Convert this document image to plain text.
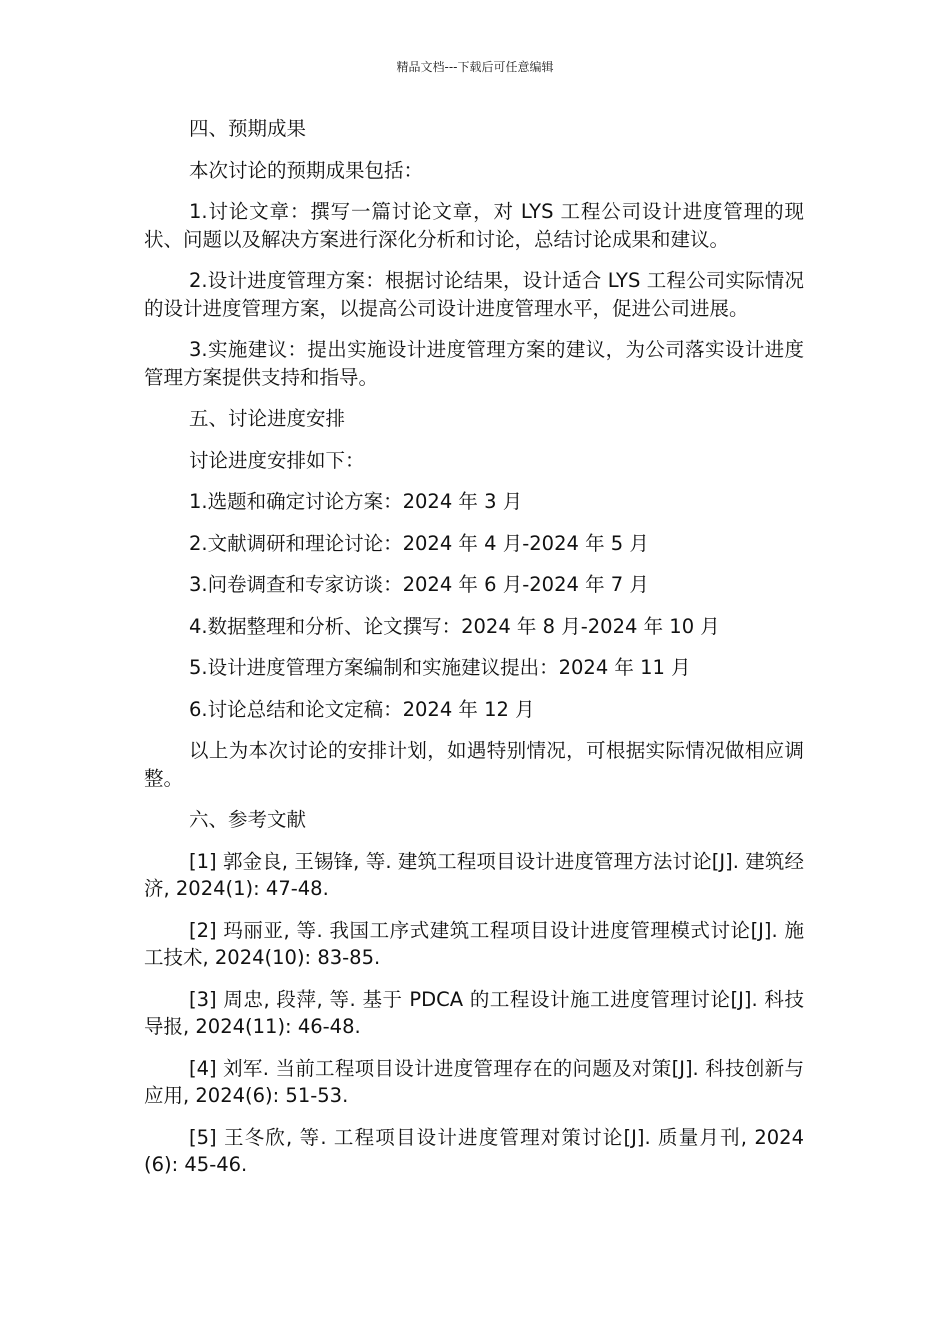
精品文档---下载后可任意编辑

四、预期成果

本次讨论的预期成果包括：

1.讨论文章：撰写一篇讨论文章，对 LYS 工程公司设计进度管理的现状、问题以及解决方案进行深化分析和讨论，总结讨论成果和建议。

2.设计进度管理方案：根据讨论结果，设计适合 LYS 工程公司实际情况的设计进度管理方案，以提高公司设计进度管理水平，促进公司进展。

3.实施建议：提出实施设计进度管理方案的建议，为公司落实设计进度管理方案提供支持和指导。

五、讨论进度安排

讨论进度安排如下：

1.选题和确定讨论方案：2024 年 3 月

2.文献调研和理论讨论：2024 年 4 月-2024 年 5 月

3.问卷调查和专家访谈：2024 年 6 月-2024 年 7 月

4.数据整理和分析、论文撰写：2024 年 8 月-2024 年 10 月

5.设计进度管理方案编制和实施建议提出：2024 年 11 月

6.讨论总结和论文定稿：2024 年 12 月

以上为本次讨论的安排计划，如遇特别情况，可根据实际情况做相应调整。

六、参考文献

[1] 郭金良, 王锡锋, 等. 建筑工程项目设计进度管理方法讨论[J]. 建筑经济, 2024(1): 47-48.

[2] 玛丽亚, 等. 我国工序式建筑工程项目设计进度管理模式讨论[J]. 施工技术, 2024(10): 83-85.

[3] 周忠, 段萍, 等. 基于 PDCA 的工程设计施工进度管理讨论[J]. 科技导报, 2024(11): 46-48.

[4] 刘军. 当前工程项目设计进度管理存在的问题及对策[J]. 科技创新与应用, 2024(6): 51-53.

[5] 王冬欣, 等. 工程项目设计进度管理对策讨论[J]. 质量月刊, 2024(6): 45-46.
